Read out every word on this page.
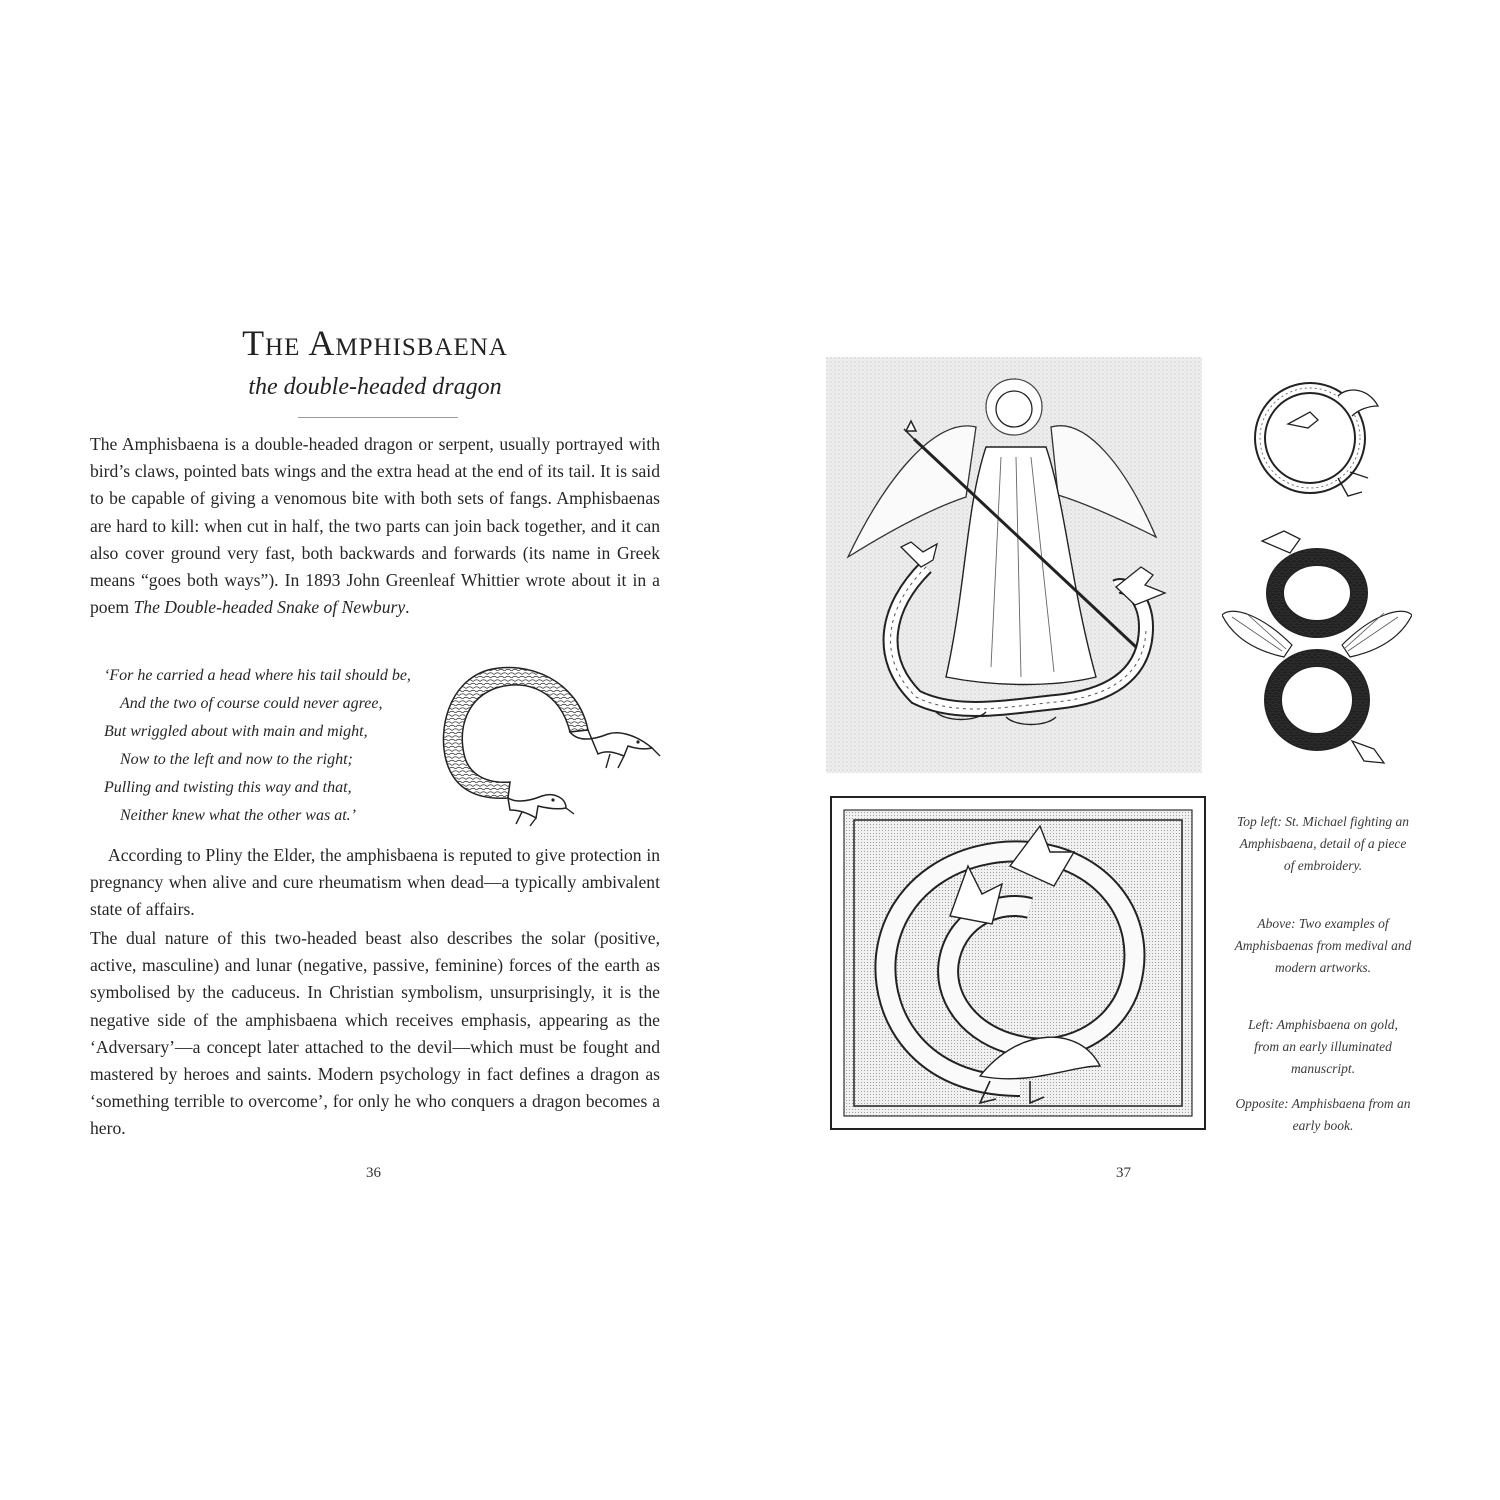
The Amphisbaena
the double-headed dragon

The Amphisbaena is a double-headed dragon or serpent, usually portrayed with bird’s claws, pointed bats wings and the extra head at the end of its tail. It is said to be capable of giving a venomous bite with both sets of fangs. Amphisbaenas are hard to kill: when cut in half, the two parts can join back together, and it can also cover ground very fast, both backwards and forwards (its name in Greek means “goes both ways”). In 1893 John Greenleaf Whittier wrote about it in a poem The Double-headed Snake of Newbury.

‘For he carried a head where his tail should be,
And the two of course could never agree,
But wriggled about with main and might,
Now to the left and now to the right;
Pulling and twisting this way and that,
Neither knew what the other was at.’

According to Pliny the Elder, the amphisbaena is reputed to give protection in pregnancy when alive and cure rheumatism when dead—a typically ambivalent state of affairs.

The dual nature of this two-headed beast also describes the solar (positive, active, masculine) and lunar (negative, passive, feminine) forces of the earth as symbolised by the caduceus. In Christian symbolism, unsurprisingly, it is the negative side of the amphisbaena which receives emphasis, appearing as the ‘Adversary’—a concept later attached to the devil—which must be fought and mastered by heroes and saints. Modern psychology in fact defines a dragon as ‘something terrible to overcome’, for only he who conquers a dragon becomes a hero.

36	37
Top left: St. Michael fighting an Amphisbaena, detail of a piece of embroidery.
Above: Two examples of Amphisbaenas from medival and modern artworks.
Left: Amphisbaena on gold, from an early illuminated manuscript.
Opposite: Amphisbaena from an early book.
